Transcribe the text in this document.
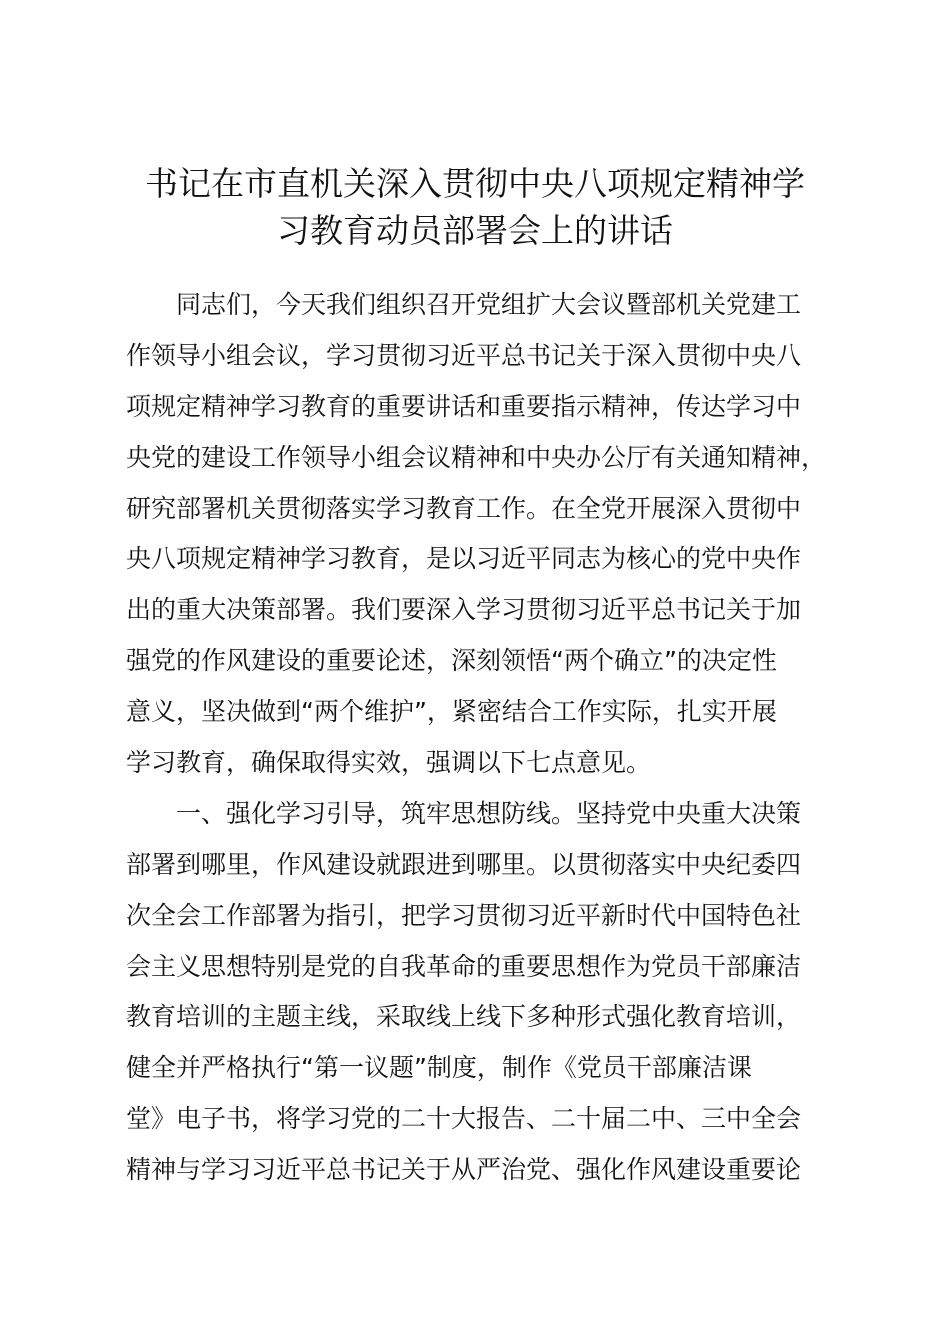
书记在市直机关深入贯彻中央八项规定精神学
习教育动员部署会上的讲话
同志们，今天我们组织召开党组扩大会议暨部机关党建工
作领导小组会议，学习贯彻习近平总书记关于深入贯彻中央八
项规定精神学习教育的重要讲话和重要指示精神，传达学习中
央党的建设工作领导小组会议精神和中央办公厅有关通知精神，
研究部署机关贯彻落实学习教育工作。在全党开展深入贯彻中
央八项规定精神学习教育，是以习近平同志为核心的党中央作
出的重大决策部署。我们要深入学习贯彻习近平总书记关于加
强党的作风建设的重要论述，深刻领悟“两个确立”的决定性
意义，坚决做到“两个维护”，紧密结合工作实际，扎实开展
学习教育，确保取得实效，强调以下七点意见。
一、强化学习引导，筑牢思想防线。坚持党中央重大决策
部署到哪里，作风建设就跟进到哪里。以贯彻落实中央纪委四
次全会工作部署为指引，把学习贯彻习近平新时代中国特色社
会主义思想特别是党的自我革命的重要思想作为党员干部廉洁
教育培训的主题主线，采取线上线下多种形式强化教育培训，
健全并严格执行“第一议题”制度，制作《党员干部廉洁课
堂》电子书，将学习党的二十大报告、二十届二中、三中全会
精神与学习习近平总书记关于从严治党、强化作风建设重要论
